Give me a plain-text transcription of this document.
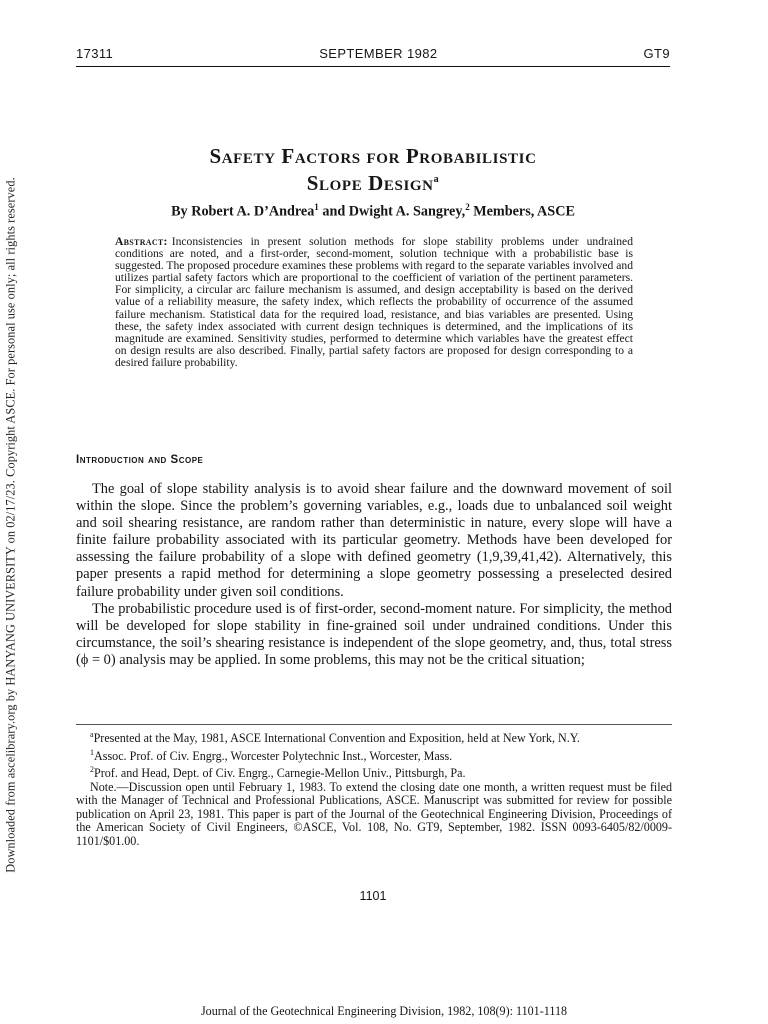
Downloaded from ascelibrary.org by HANYANG UNIVERSITY on 02/17/23. Copyright ASCE. For personal use only; all rights reserved.
17311	SEPTEMBER 1982	GT9
Safety Factors for Probabilistic
Slope Design$^a$
By Robert A. D’Andrea$^1$ and Dwight A. Sangrey,$^2$ Members, ASCE
Abstract: Inconsistencies in present solution methods for slope stability problems under undrained conditions are noted, and a first-order, second-moment, solution technique with a probabilistic base is suggested. The proposed procedure examines these problems with regard to the separate variables involved and utilizes partial safety factors which are proportional to the coefficient of variation of the pertinent parameters. For simplicity, a circular arc failure mechanism is assumed, and design acceptability is based on the derived value of a reliability measure, the safety index, which reflects the probability of occurrence of the assumed failure mechanism. Statistical data for the required load, resistance, and bias variables are presented. Using these, the safety index associated with current design techniques is determined, and the implications of its magnitude are examined. Sensitivity studies, performed to determine which variables have the greatest effect on design results are also described. Finally, partial safety factors are proposed for design corresponding to a desired failure probability.
Introduction and Scope

The goal of slope stability analysis is to avoid shear failure and the downward movement of soil within the slope. Since the problem’s governing variables, e.g., loads due to unbalanced soil weight and soil shearing resistance, are random rather than deterministic in nature, every slope will have a finite failure probability associated with its particular geometry. Methods have been developed for assessing the failure probability of a slope with defined geometry (1,9,39,41,42). Alternatively, this paper presents a rapid method for determining a slope geometry possessing a preselected desired failure probability under given soil conditions.

The probabilistic procedure used is of first-order, second-moment nature. For simplicity, the method will be developed for slope stability in fine-grained soil under undrained conditions. Under this circumstance, the soil’s shearing resistance is independent of the slope geometry, and, thus, total stress (ϕ = 0) analysis may be applied. In some problems, this may not be the critical situation;

$^a$Presented at the May, 1981, ASCE International Convention and Exposition, held at New York, N.Y.

$^1$Assoc. Prof. of Civ. Engrg., Worcester Polytechnic Inst., Worcester, Mass.

$^2$Prof. and Head, Dept. of Civ. Engrg., Carnegie-Mellon Univ., Pittsburgh, Pa.

Note.—Discussion open until February 1, 1983. To extend the closing date one month, a written request must be filed with the Manager of Technical and Professional Publications, ASCE. Manuscript was submitted for review for possible publication on April 23, 1981. This paper is part of the Journal of the Geotechnical Engineering Division, Proceedings of the American Society of Civil Engineers, ©ASCE, Vol. 108, No. GT9, September, 1982. ISSN 0093-6405/82/0009-1101/$01.00.

1101
Journal of the Geotechnical Engineering Division, 1982, 108(9): 1101-1118
